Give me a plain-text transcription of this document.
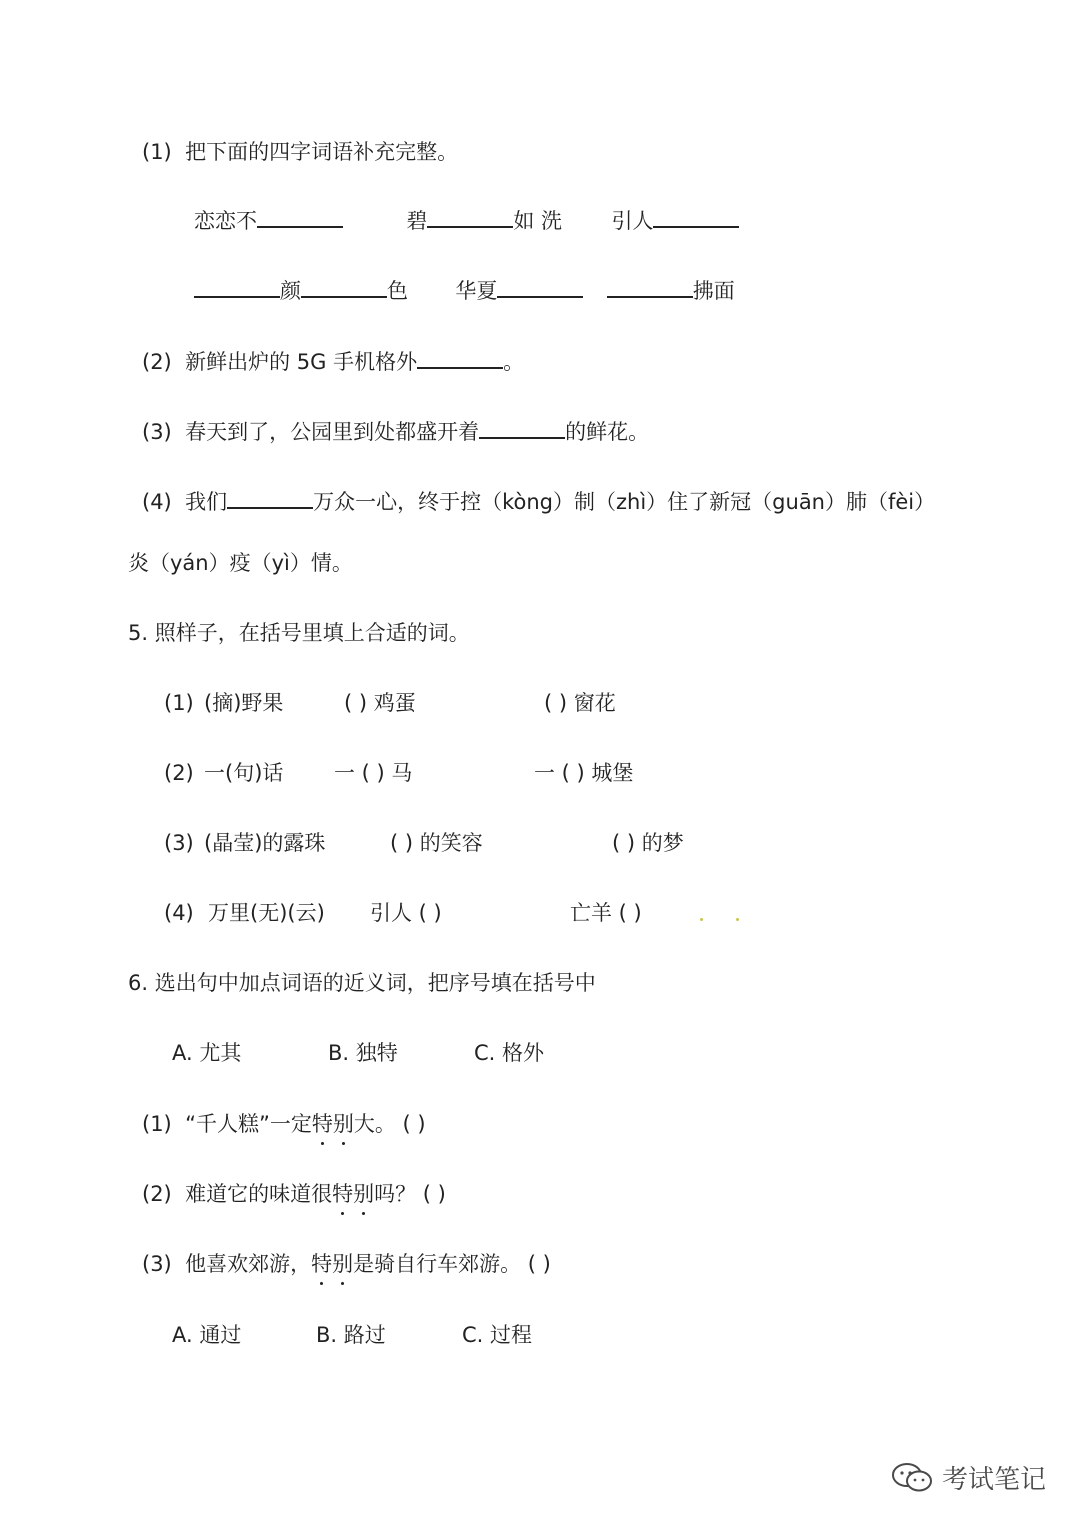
(1) 把下面的四字词语补充完整。
恋恋不	碧	如 洗 引人
颜	色 华夏	拂面
(2) 新鲜出炉的 5G 手机格外	。
(3) 春天到了，公园里到处都盛开着	的鲜花。
(4) 我们	万众一心，终于控（kòng）制（zhì）住了新冠（guān）肺（fèi）
炎（yán）疫（yì）情。
5. 照样子，在括号里填上合适的词。
(1) (摘)野果	( ) 鸡蛋	( ) 窗花
(2) 一(句)话 一 ( ) 马	一 ( ) 城堡
(3) (晶莹)的露珠	( ) 的笑容	( ) 的梦
(4) 万里(无)(云) 引人 ( )	亡羊 ( )
6. 选出句中加点词语的近义词，把序号填在括号中
A. 尤其	B. 独特	C. 格外
(1) “千人糕”一定特别大。 ( )
(2) 难道它的味道很特别吗？ ( )
(3) 他喜欢郊游，特别是骑自行车郊游。 ( )
A. 通过	B. 路过	C. 过程
考试笔记
